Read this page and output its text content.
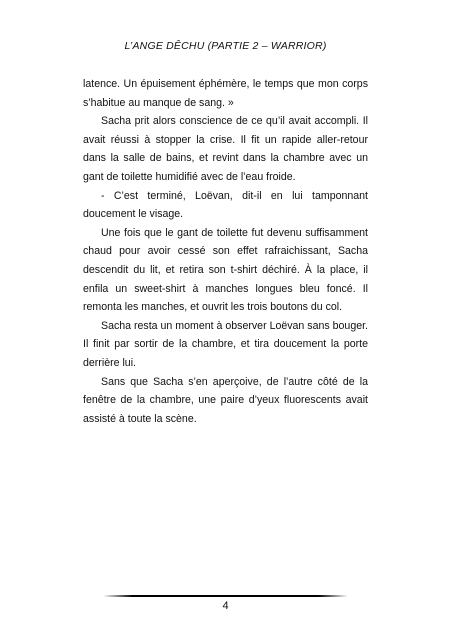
L’ANGE DÊCHU (PARTIE 2 – WARRIOR)

latence. Un épuisement éphémère, le temps que mon corps s’habitue au manque de sang. »

Sacha prit alors conscience de ce qu’il avait accompli. Il avait réussi à stopper la crise. Il fit un rapide aller-retour dans la salle de bains, et revint dans la chambre avec un gant de toilette humidifié avec de l’eau froide.

- C’est terminé, Loëvan, dit-il en lui tamponnant doucement le visage.

Une fois que le gant de toilette fut devenu suffisamment chaud pour avoir cessé son effet rafraichissant, Sacha descendit du lit, et retira son t-shirt déchiré. À la place, il enfila un sweet-shirt à manches longues bleu foncé. Il remonta les manches, et ouvrit les trois boutons du col.

Sacha resta un moment à observer Loëvan sans bouger. Il finit par sortir de la chambre, et tira doucement la porte derrière lui.

Sans que Sacha s’en aperçoive, de l’autre côté de la fenêtre de la chambre, une paire d’yeux fluorescents avait assisté à toute la scène.

4
